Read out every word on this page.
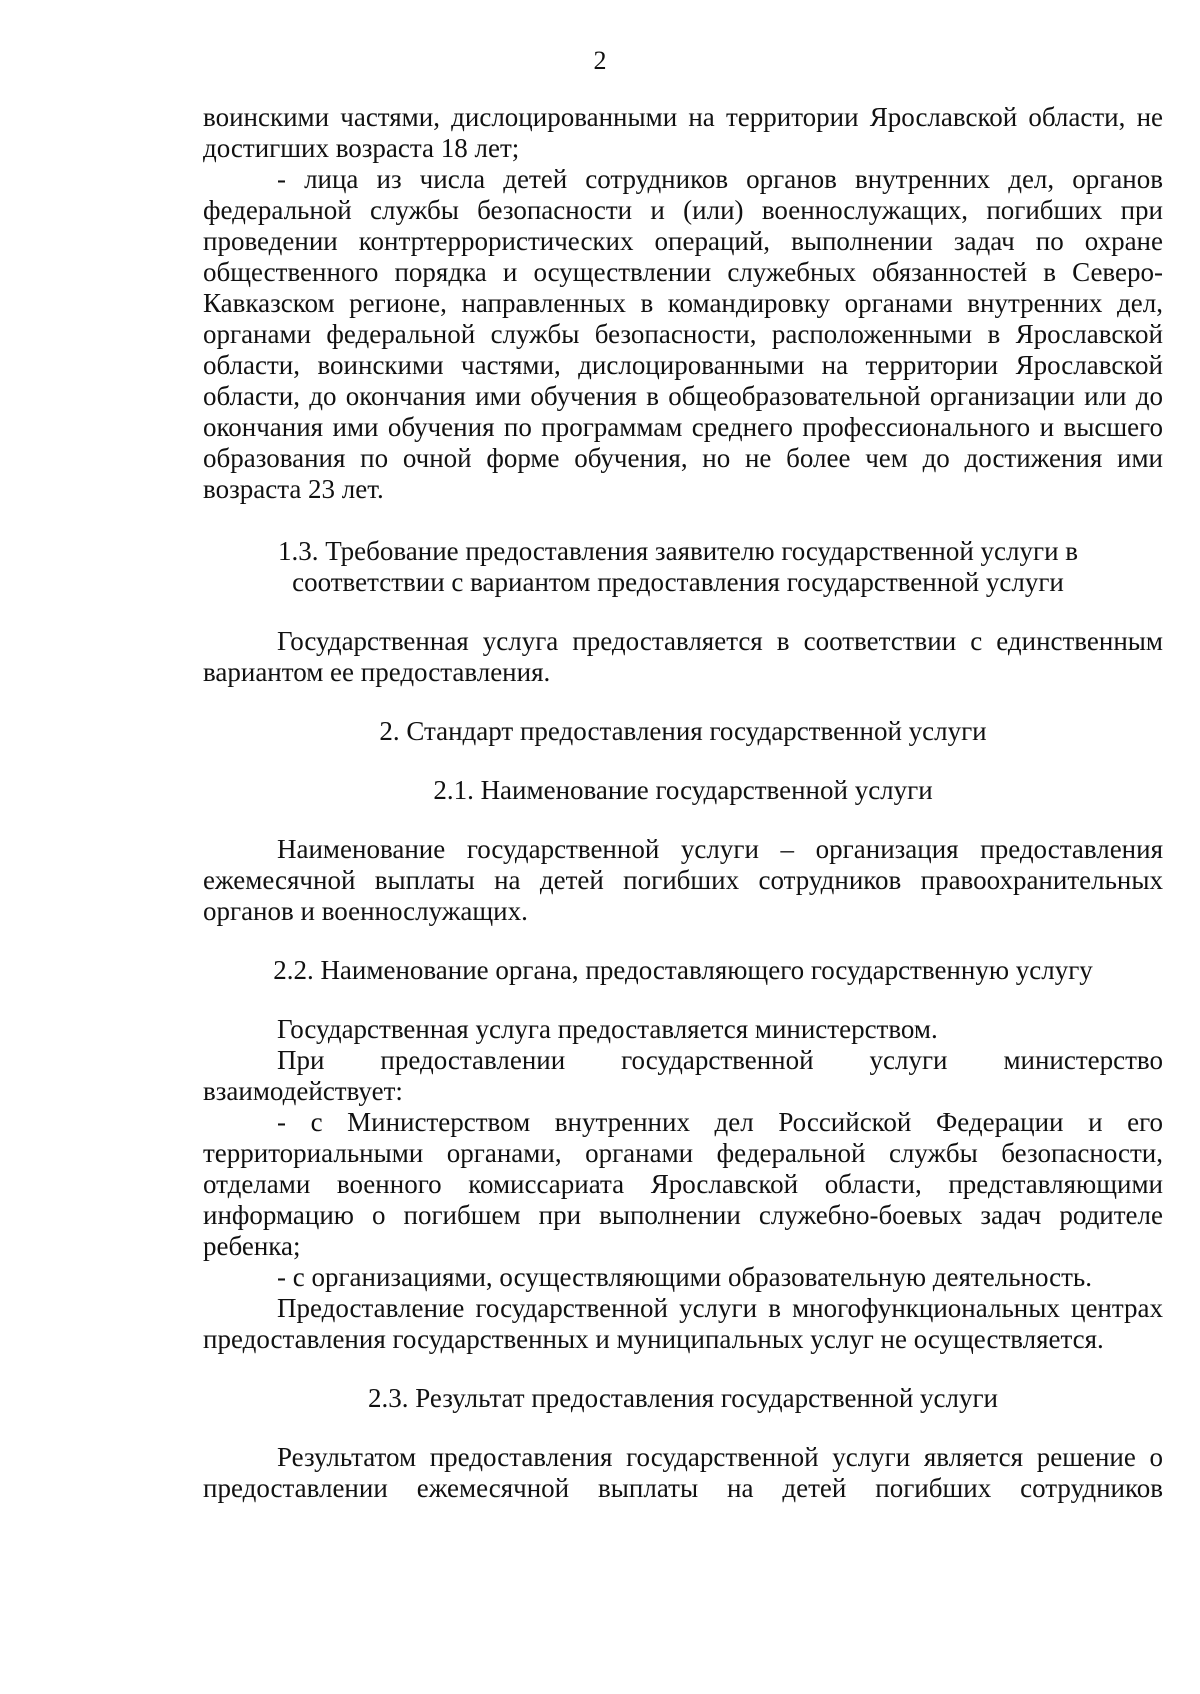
2

воинскими частями, дислоцированными на территории Ярославской области, не достигших возраста 18 лет;

- лица из числа детей сотрудников органов внутренних дел, органов федеральной службы безопасности и (или) военнослужащих, погибших при проведении контртеррористических операций, выполнении задач по охране общественного порядка и осуществлении служебных обязанностей в Северо-Кавказском регионе, направленных в командировку органами внутренних дел, органами федеральной службы безопасности, расположенными в Ярославской области, воинскими частями, дислоцированными на территории Ярославской области, до окончания ими обучения в общеобразовательной организации или до окончания ими обучения по программам среднего профессионального и высшего образования по очной форме обучения, но не более чем до достижения ими возраста 23 лет.

1.3. Требование предоставления заявителю государственной услуги в соответствии с вариантом предоставления государственной услуги

Государственная услуга предоставляется в соответствии с единственным вариантом ее предоставления.

2. Стандарт предоставления государственной услуги

2.1. Наименование государственной услуги

Наименование государственной услуги – организация предоставления ежемесячной выплаты на детей погибших сотрудников правоохранительных органов и военнослужащих.

2.2. Наименование органа, предоставляющего государственную услугу

Государственная услуга предоставляется министерством.

При предоставлении государственной услуги министерство взаимодействует:

- с Министерством внутренних дел Российской Федерации и его территориальными органами, органами федеральной службы безопасности, отделами военного комиссариата Ярославской области, представляющими информацию о погибшем при выполнении служебно-боевых задач родителе ребенка;

- с организациями, осуществляющими образовательную деятельность.

Предоставление государственной услуги в многофункциональных центрах предоставления государственных и муниципальных услуг не осуществляется.

2.3. Результат предоставления государственной услуги

Результатом предоставления государственной услуги является решение о предоставлении ежемесячной выплаты на детей погибших сотрудников
